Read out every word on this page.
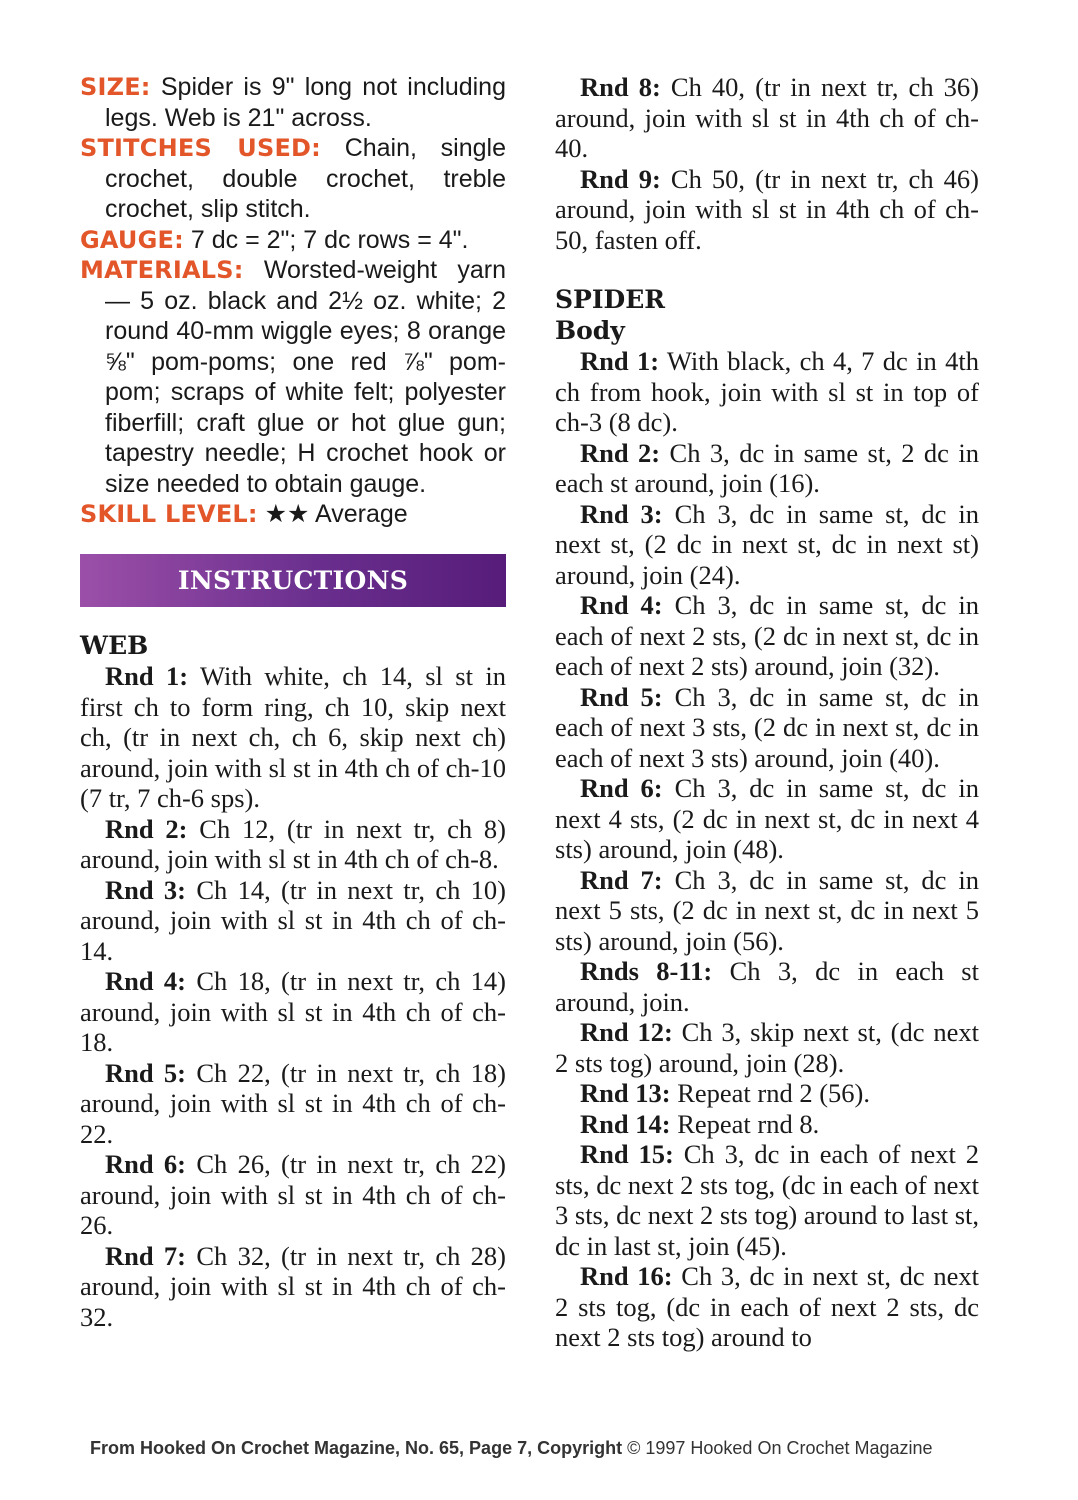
SIZE: Spider is 9" long not including legs. Web is 21" across.

STITCHES USED: Chain, single crochet, double crochet, treble crochet, slip stitch.

GAUGE: 7 dc = 2"; 7 dc rows = 4".

MATERIALS: Worsted-weight yarn — 5 oz. black and 2½ oz. white; 2 round 40-mm wiggle eyes; 8 orange ⅝" pom-poms; one red ⅞" pom-pom; scraps of white felt; polyester fiberfill; craft glue or hot glue gun; tapestry needle; H crochet hook or size needed to obtain gauge.

SKILL LEVEL: ★★ Average

INSTRUCTIONS

WEB

Rnd 1: With white, ch 14, sl st in first ch to form ring, ch 10, skip next ch, (tr in next ch, ch 6, skip next ch) around, join with sl st in 4th ch of ch-10 (7 tr, 7 ch-6 sps).

Rnd 2: Ch 12, (tr in next tr, ch 8) around, join with sl st in 4th ch of ch-8.

Rnd 3: Ch 14, (tr in next tr, ch 10) around, join with sl st in 4th ch of ch-14.

Rnd 4: Ch 18, (tr in next tr, ch 14) around, join with sl st in 4th ch of ch-18.

Rnd 5: Ch 22, (tr in next tr, ch 18) around, join with sl st in 4th ch of ch-22.

Rnd 6: Ch 26, (tr in next tr, ch 22) around, join with sl st in 4th ch of ch-26.

Rnd 7: Ch 32, (tr in next tr, ch 28) around, join with sl st in 4th ch of ch-32.

Rnd 8: Ch 40, (tr in next tr, ch 36) around, join with sl st in 4th ch of ch-40.

Rnd 9: Ch 50, (tr in next tr, ch 46) around, join with sl st in 4th ch of ch-50, fasten off.

SPIDER

Body

Rnd 1: With black, ch 4, 7 dc in 4th ch from hook, join with sl st in top of ch-3 (8 dc).

Rnd 2: Ch 3, dc in same st, 2 dc in each st around, join (16).

Rnd 3: Ch 3, dc in same st, dc in next st, (2 dc in next st, dc in next st) around, join (24).

Rnd 4: Ch 3, dc in same st, dc in each of next 2 sts, (2 dc in next st, dc in each of next 2 sts) around, join (32).

Rnd 5: Ch 3, dc in same st, dc in each of next 3 sts, (2 dc in next st, dc in each of next 3 sts) around, join (40).

Rnd 6: Ch 3, dc in same st, dc in next 4 sts, (2 dc in next st, dc in next 4 sts) around, join (48).

Rnd 7: Ch 3, dc in same st, dc in next 5 sts, (2 dc in next st, dc in next 5 sts) around, join (56).

Rnds 8-11: Ch 3, dc in each st around, join.

Rnd 12: Ch 3, skip next st, (dc next 2 sts tog) around, join (28).

Rnd 13: Repeat rnd 2 (56).

Rnd 14: Repeat rnd 8.

Rnd 15: Ch 3, dc in each of next 2 sts, dc next 2 sts tog, (dc in each of next 3 sts, dc next 2 sts tog) around to last st, dc in last st, join (45).

Rnd 16: Ch 3, dc in next st, dc next 2 sts tog, (dc in each of next 2 sts, dc next 2 sts tog) around to

From Hooked On Crochet Magazine, No. 65, Page 7, Copyright © 1997 Hooked On Crochet Magazine
